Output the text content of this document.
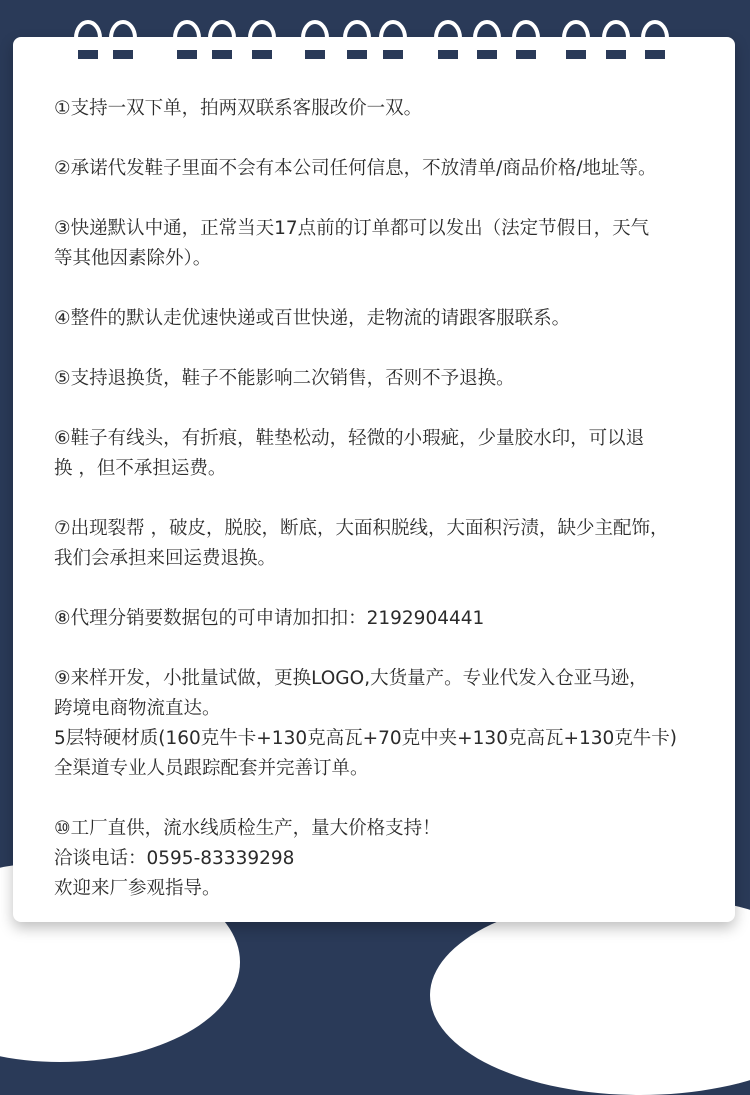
①支持一双下单，拍两双联系客服改价一双。
②承诺代发鞋子里面不会有本公司任何信息，不放清单/商品价格/地址等。
③快递默认中通，正常当天17点前的订单都可以发出（法定节假日，天气
等其他因素除外）。
④整件的默认走优速快递或百世快递，走物流的请跟客服联系。
⑤支持退换货，鞋子不能影响二次销售，否则不予退换。
⑥鞋子有线头，有折痕，鞋垫松动，轻微的小瑕疵，少量胶水印，可以退
换 ，但不承担运费。
⑦出现裂帮 ，破皮，脱胶，断底，大面积脱线，大面积污渍，缺少主配饰，
我们会承担来回运费退换。
⑧代理分销要数据包的可申请加扣扣：2192904441
⑨来样开发，小批量试做，更换LOGO,大货量产。专业代发入仓亚马逊，
跨境电商物流直达。
5层特硬材质(160克牛卡+130克高瓦+70克中夹+130克高瓦+130克牛卡)
全渠道专业人员跟踪配套并完善订单。
⑩工厂直供，流水线质检生产，量大价格支持！
洽谈电话：0595-83339298
欢迎来厂参观指导。
